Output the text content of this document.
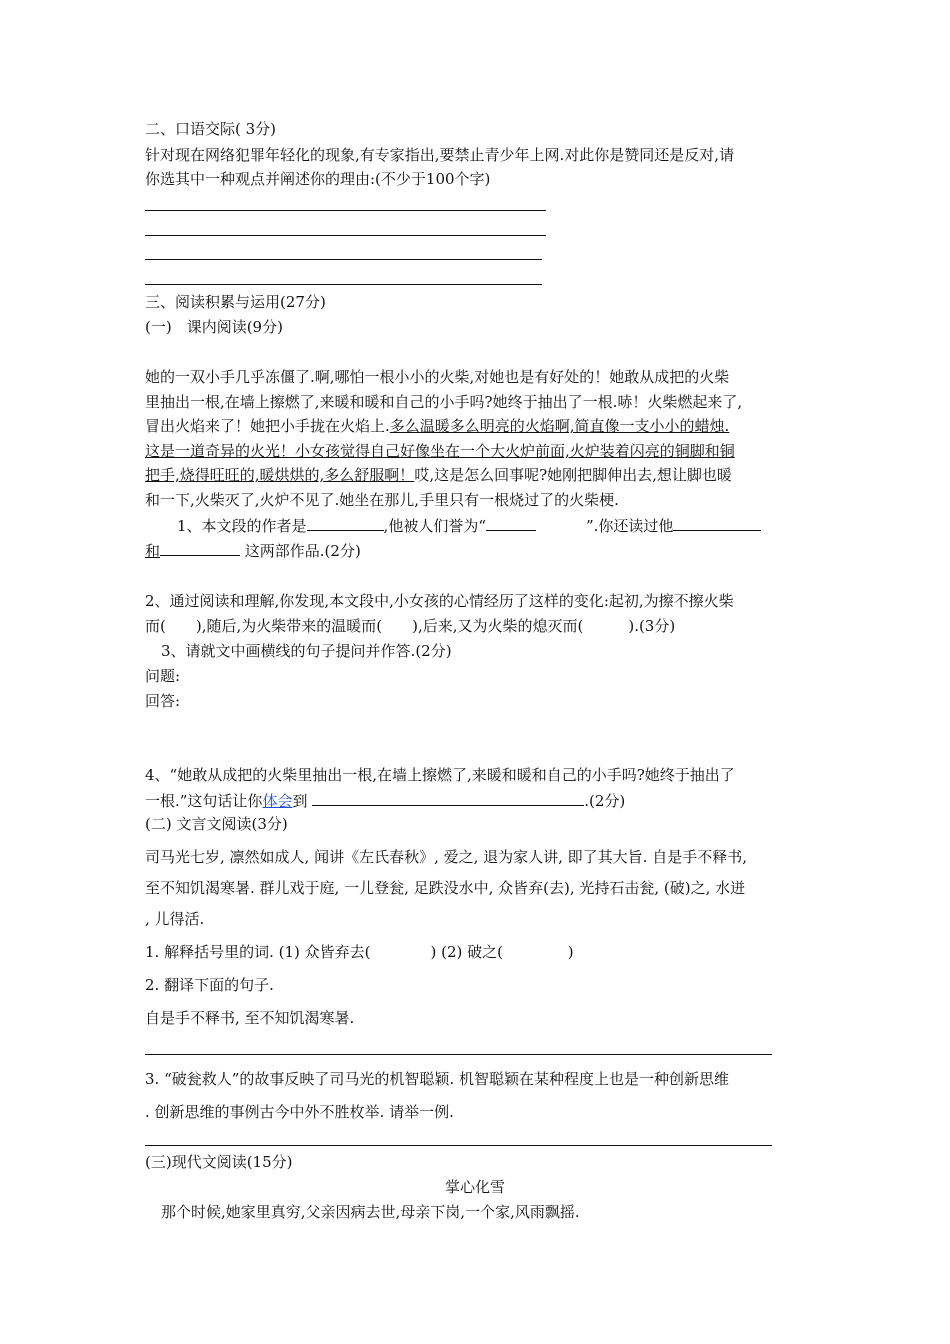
二、口语交际( 3分)
针对现在网络犯罪年轻化的现象,有专家指出,要禁止青少年上网.对此你是赞同还是反对,请
你选其中一种观点并阐述你的理由:(不少于100个字)
三、阅读积累与运用(27分)
(一)　课内阅读(9分)
她的一双小手几乎冻僵了.啊,哪怕一根小小的火柴,对她也是有好处的！她敢从成把的火柴
里抽出一根,在墙上擦燃了,来暖和暖和自己的小手吗?她终于抽出了一根.哧！火柴燃起来了,
冒出火焰来了！她把小手拢在火焰上.多么温暖多么明亮的火焰啊,简直像一支小小的蜡烛.
这是一道奇异的火光！小女孩觉得自己好像坐在一个大火炉前面,火炉装着闪亮的铜脚和铜
把手,烧得旺旺的,暖烘烘的,多么舒服啊！哎,这是怎么回事呢?她刚把脚伸出去,想让脚也暖
和一下,火柴灭了,火炉不见了.她坐在那儿,手里只有一根烧过了的火柴梗.
1、本文段的作者是	,他被人们誉为“	”.你还读过他
和	这两部作品.(2分)
2、通过阅读和理解,你发现,本文段中,小女孩的心情经历了这样的变化:起初,为擦不擦火柴
而(　　),随后,为火柴带来的温暖而(　　),后来,又为火柴的熄灭而(　　　).(3分)
3、请就文中画横线的句子提问并作答.(2分)
问题:
回答:
4、“她敢从成把的火柴里抽出一根,在墙上擦燃了,来暖和暖和自己的小手吗?她终于抽出了
一根.”这句话让你体会到	.(2分)
(二) 文言文阅读(3分)
司马光七岁, 凛然如成人, 闻讲《左氏春秋》, 爱之, 退为家人讲, 即了其大旨. 自是手不释书,
至不知饥渴寒暑. 群儿戏于庭, 一儿登瓮, 足跌没水中, 众皆弃(去), 光持石击瓮, (破)之, 水迸
, 儿得活.
1. 解释括号里的词. (1) 众皆弃去(　　　　) (2) 破之(　　　　 )
2. 翻译下面的句子.
自是手不释书, 至不知饥渴寒暑.
3. “破瓮救人”的故事反映了司马光的机智聪颖. 机智聪颖在某种程度上也是一种创新思维
. 创新思维的事例古今中外不胜枚举. 请举一例.
(三)现代文阅读(15分)
掌心化雪
那个时候,她家里真穷,父亲因病去世,母亲下岗,一个家,风雨飘摇.
